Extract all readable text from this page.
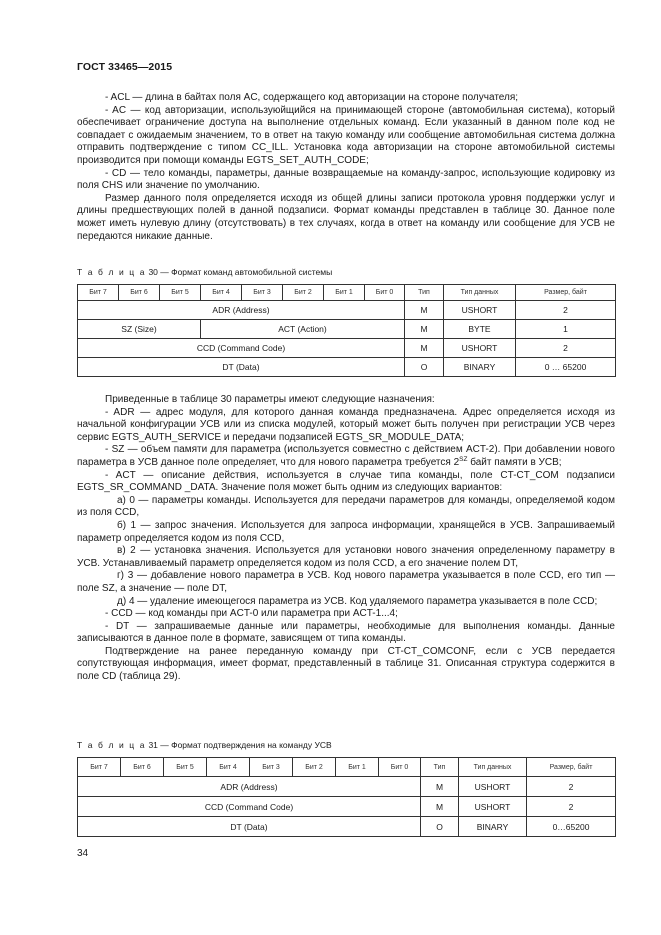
ГОСТ 33465—2015

- ACL — длина в байтах поля AC, содержащего код авторизации на стороне получателя;

- AC — код авторизации, используюйщийся на принимающей стороне (автомобильная система), который обеспечивает ограничение доступа на выполнение отдельных команд. Если указанный в данном поле код не совпадает с ожидаемым значением, то в ответ на такую команду или сообщение автомобильная система должна отправить подтверждение с типом CC_ILL. Установка кода авторизации на стороне автомобильной системы производится при помощи команды EGTS_SET_AUTH_CODE;

- CD — тело команды, параметры, данные возвращаемые на команду-запрос, использующие кодировку из поля CHS или значение по умолчанию.

Размер данного поля определяется исходя из общей длины записи протокола уровня поддержки услуг и длины предшествующих полей в данной подзаписи. Формат команды представлен в таблице 30. Данное поле может иметь нулевую длину (отсутствовать) в тех случаях, когда в ответ на команду или сообщение для УСВ не передаются никакие данные.

Т а б л и ц а 30 — Формат команд автомобильной системы
Бит 7	Бит 6	Бит 5	Бит 4	Бит 3	Бит 2	Бит 1	Бит 0	Тип	Тип данных	Размер, байт
ADR (Address)								M	USHORT	2
SZ (Size)			ACT (Action)					M	BYTE	1
CCD (Command Code)								M	USHORT	2
DT (Data)								O	BINARY	0 … 65200

Приведенные в таблице 30 параметры имеют следующие назначения:

- ADR — адрес модуля, для которого данная команда предназначена. Адрес определяется исходя из начальной конфигурации УСВ или из списка модулей, который может быть получен при регистрации УСВ через сервис EGTS_AUTH_SERVICE и передачи подзаписей EGTS_SR_MODULE_DATA;

- SZ — объем памяти для параметра (используется совместно с действием ACT-2). При добавлении нового параметра в УСВ данное поле определяет, что для нового параметра требуется $2^{SZ}$ байт памяти в УСВ;

- ACT — описание действия, используется в случае типа команды, поле CT-CT_COM подзаписи EGTS_SR_COMMAND _DATA. Значение поля может быть одним из следующих вариантов:

а) 0 — параметры команды. Используется для передачи параметров для команды, определяемой кодом из поля CCD,

б) 1 — запрос значения. Используется для запроса информации, хранящейся в УСВ. Запрашиваемый параметр определяется кодом из поля CCD,

в) 2 — установка значения. Используется для установки нового значения определенному параметру в УСВ. Устанавливаемый параметр определяется кодом из поля CCD, а его значение полем DT,

г) 3 — добавление нового параметра в УСВ. Код нового параметра указывается в поле CCD, его тип — поле SZ, а значение — поле DT,

д) 4 — удаление имеющегося параметра из УСВ. Код удаляемого параметра указывается в поле CCD;

- CCD — код команды при ACT-0 или параметра при ACT-1...4;

- DT — запрашиваемые данные или параметры, необходимые для выполнения команды. Данные записываются в данное поле в формате, зависящем от типа команды.

Подтверждение на ранее переданную команду при CT-CT_COMCONF, если с УСВ передается сопутствующая информация, имеет формат, представленный в таблице 31. Описанная структура содержится в поле CD (таблица 29).

Т а б л и ц а 31 — Формат подтверждения на команду УСВ
Бит 7	Бит 6	Бит 5	Бит 4	Бит 3	Бит 2	Бит 1	Бит 0	Тип	Тип данных	Размер, байт
ADR (Address)								M	USHORT	2
CCD (Command Code)								M	USHORT	2
DT (Data)								O	BINARY	0…65200
34
